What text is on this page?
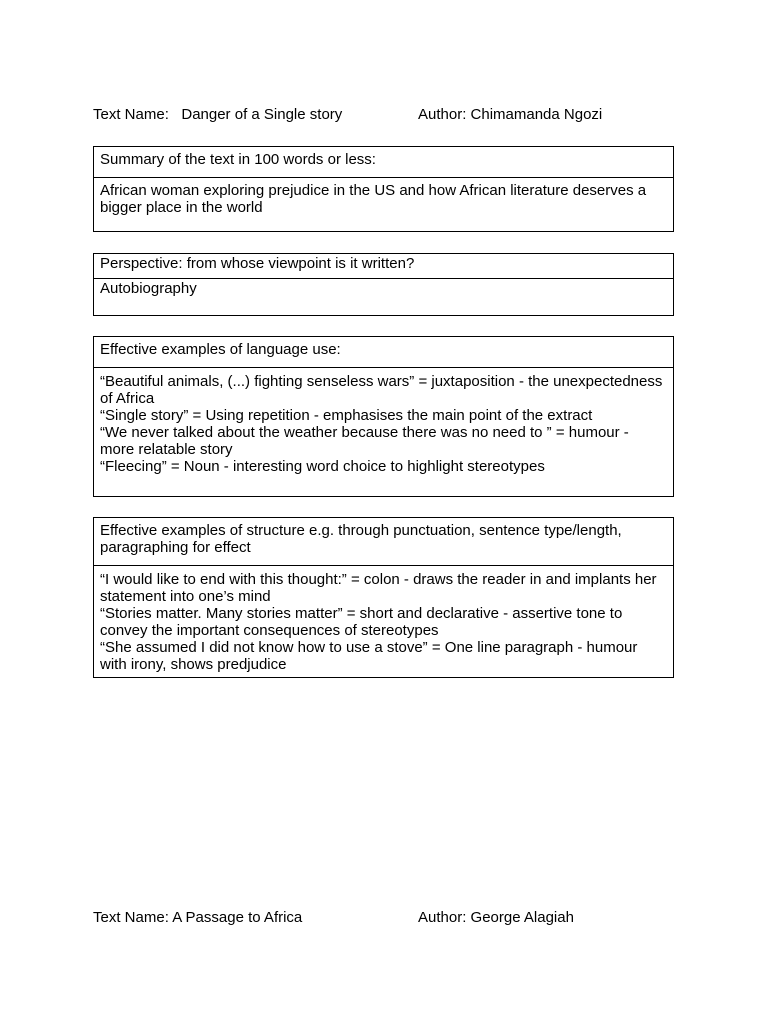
Text Name:   Danger of a Single story

	Author: Chimamanda Ngozi

Summary of the text in 100 words or less:
African woman exploring prejudice in the US and how African literature deserves a bigger place in the world
Perspective: from whose viewpoint is it written?
Autobiography
Effective examples of language use:
“Beautiful animals, (...) fighting senseless wars” = juxtaposition - the unexpectedness of Africa
“Single story” = Using repetition - emphasises the main point of the extract
“We never talked about the weather because there was no need to ” = humour - more relatable story
“Fleecing” = Noun - interesting word choice to highlight stereotypes
Effective examples of structure e.g. through punctuation, sentence type/length, paragraphing for effect
“I would like to end with this thought:” = colon - draws the reader in and implants her statement into one’s mind
“Stories matter. Many stories matter” = short and declarative - assertive tone to convey the important consequences of stereotypes
“She assumed I did not know how to use a stove” = One line paragraph - humour with irony, shows predjudice

Text Name: A Passage to Africa

	Author: George Alagiah
